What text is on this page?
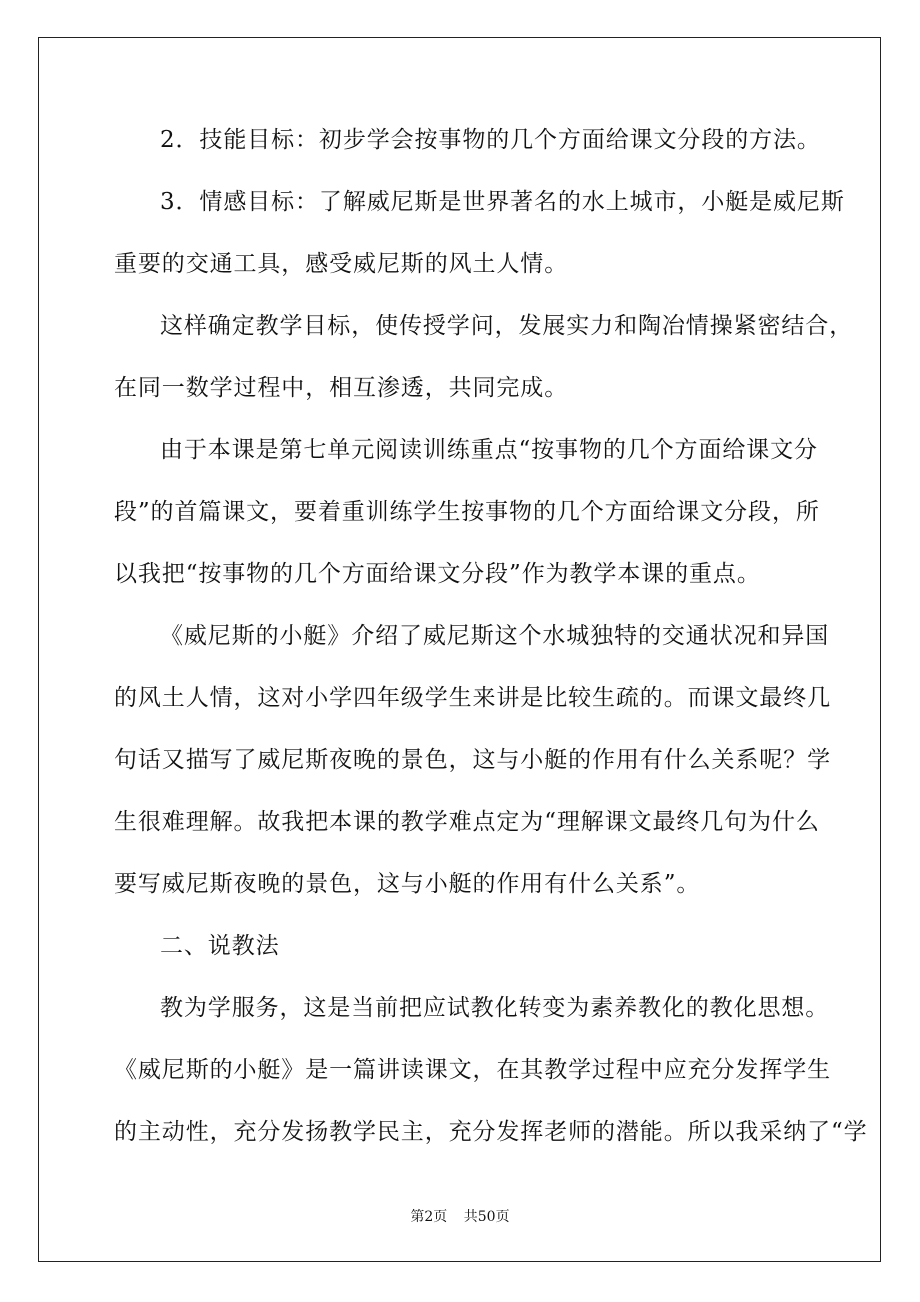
2．技能目标：初步学会按事物的几个方面给课文分段的方法。
3．情感目标：了解威尼斯是世界著名的水上城市，小艇是威尼斯
重要的交通工具，感受威尼斯的风土人情。
这样确定教学目标，使传授学问，发展实力和陶冶情操紧密结合，
在同一数学过程中，相互渗透，共同完成。
由于本课是第七单元阅读训练重点“按事物的几个方面给课文分
段”的首篇课文，要着重训练学生按事物的几个方面给课文分段，所
以我把“按事物的几个方面给课文分段”作为教学本课的重点。
《威尼斯的小艇》介绍了威尼斯这个水城独特的交通状况和异国
的风土人情，这对小学四年级学生来讲是比较生疏的。而课文最终几
句话又描写了威尼斯夜晚的景色，这与小艇的作用有什么关系呢？学
生很难理解。故我把本课的教学难点定为“理解课文最终几句为什么
要写威尼斯夜晚的景色，这与小艇的作用有什么关系”。
二、说教法
教为学服务，这是当前把应试教化转变为素养教化的教化思想。
《威尼斯的小艇》是一篇讲读课文，在其教学过程中应充分发挥学生
的主动性，充分发扬教学民主，充分发挥老师的潜能。所以我采纳了“学
第2页 共50页
